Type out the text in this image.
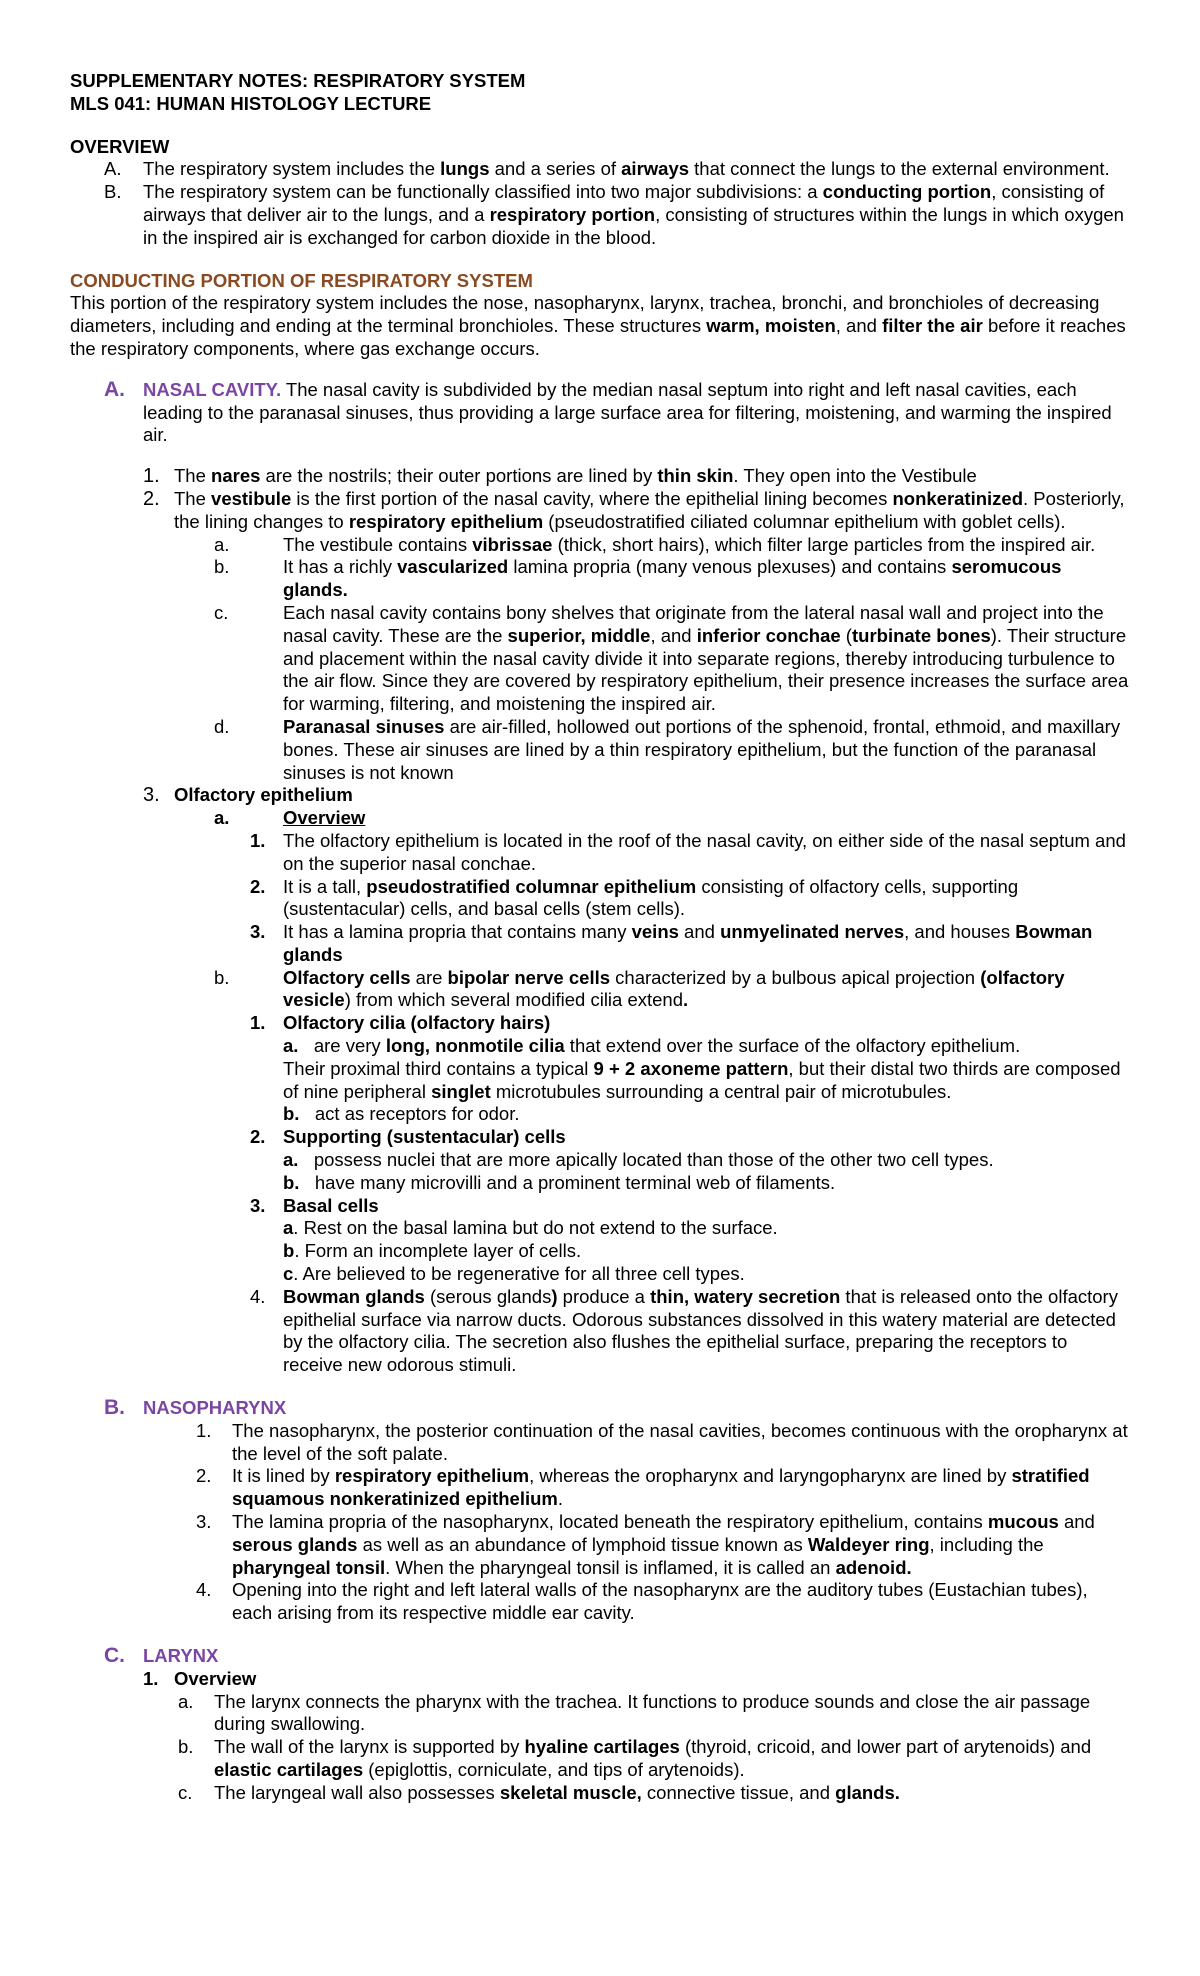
SUPPLEMENTARY NOTES: RESPIRATORY SYSTEM
MLS 041: HUMAN HISTOLOGY LECTURE
OVERVIEW
A.	The respiratory system includes the lungs and a series of airways that connect the lungs to the external environment.
B.	The respiratory system can be functionally classified into two major subdivisions: a conducting portion, consisting of airways that deliver air to the lungs, and a respiratory portion, consisting of structures within the lungs in which oxygen in the inspired air is exchanged for carbon dioxide in the blood.
CONDUCTING PORTION OF RESPIRATORY SYSTEM
This portion of the respiratory system includes the nose, nasopharynx, larynx, trachea, bronchi, and bronchioles of decreasing diameters, including and ending at the terminal bronchioles. These structures warm, moisten, and filter the air before it reaches the respiratory components, where gas exchange occurs.
A. NASAL CAVITY. The nasal cavity is subdivided by the median nasal septum into right and left nasal cavities, each leading to the paranasal sinuses, thus providing a large surface area for filtering, moistening, and warming the inspired air.
1. The nares are the nostrils; their outer portions are lined by thin skin. They open into the Vestibule
2. The vestibule is the first portion of the nasal cavity, where the epithelial lining becomes nonkeratinized. Posteriorly, the lining changes to respiratory epithelium (pseudostratified ciliated columnar epithelium with goblet cells).
a.	The vestibule contains vibrissae (thick, short hairs), which filter large particles from the inspired air.
b.	It has a richly vascularized lamina propria (many venous plexuses) and contains seromucous glands.
c.	Each nasal cavity contains bony shelves that originate from the lateral nasal wall and project into the nasal cavity. These are the superior, middle, and inferior conchae (turbinate bones). Their structure and placement within the nasal cavity divide it into separate regions, thereby introducing turbulence to the air flow. Since they are covered by respiratory epithelium, their presence increases the surface area for warming, filtering, and moistening the inspired air.
d.	Paranasal sinuses are air-filled, hollowed out portions of the sphenoid, frontal, ethmoid, and maxillary bones. These air sinuses are lined by a thin respiratory epithelium, but the function of the paranasal sinuses is not known
3. Olfactory epithelium
a.	Overview
1. The olfactory epithelium is located in the roof of the nasal cavity, on either side of the nasal septum and on the superior nasal conchae.
2. It is a tall, pseudostratified columnar epithelium consisting of olfactory cells, supporting (sustentacular) cells, and basal cells (stem cells).
3. It has a lamina propria that contains many veins and unmyelinated nerves, and houses Bowman glands
b.	Olfactory cells are bipolar nerve cells characterized by a bulbous apical projection (olfactory vesicle) from which several modified cilia extend.
1. Olfactory cilia (olfactory hairs)
a. are very long, nonmotile cilia that extend over the surface of the olfactory epithelium.
Their proximal third contains a typical 9 + 2 axoneme pattern, but their distal two thirds are composed of nine peripheral singlet microtubules surrounding a central pair of microtubules.
b. act as receptors for odor.
2. Supporting (sustentacular) cells
a. possess nuclei that are more apically located than those of the other two cell types.
b. have many microvilli and a prominent terminal web of filaments.
3. Basal cells
a. Rest on the basal lamina but do not extend to the surface.
b. Form an incomplete layer of cells.
c. Are believed to be regenerative for all three cell types.
4. Bowman glands (serous glands) produce a thin, watery secretion that is released onto the olfactory epithelial surface via narrow ducts. Odorous substances dissolved in this watery material are detected by the olfactory cilia. The secretion also flushes the epithelial surface, preparing the receptors to receive new odorous stimuli.
B. NASOPHARYNX
1.	The nasopharynx, the posterior continuation of the nasal cavities, becomes continuous with the oropharynx at the level of the soft palate.
2.	It is lined by respiratory epithelium, whereas the oropharynx and laryngopharynx are lined by stratified squamous nonkeratinized epithelium.
3.	The lamina propria of the nasopharynx, located beneath the respiratory epithelium, contains mucous and serous glands as well as an abundance of lymphoid tissue known as Waldeyer ring, including the pharyngeal tonsil. When the pharyngeal tonsil is inflamed, it is called an adenoid.
4.	Opening into the right and left lateral walls of the nasopharynx are the auditory tubes (Eustachian tubes), each arising from its respective middle ear cavity.
C. LARYNX
1. Overview
a.	The larynx connects the pharynx with the trachea. It functions to produce sounds and close the air passage during swallowing.
b.	The wall of the larynx is supported by hyaline cartilages (thyroid, cricoid, and lower part of arytenoids) and elastic cartilages (epiglottis, corniculate, and tips of arytenoids).
c.	The laryngeal wall also possesses skeletal muscle, connective tissue, and glands.
